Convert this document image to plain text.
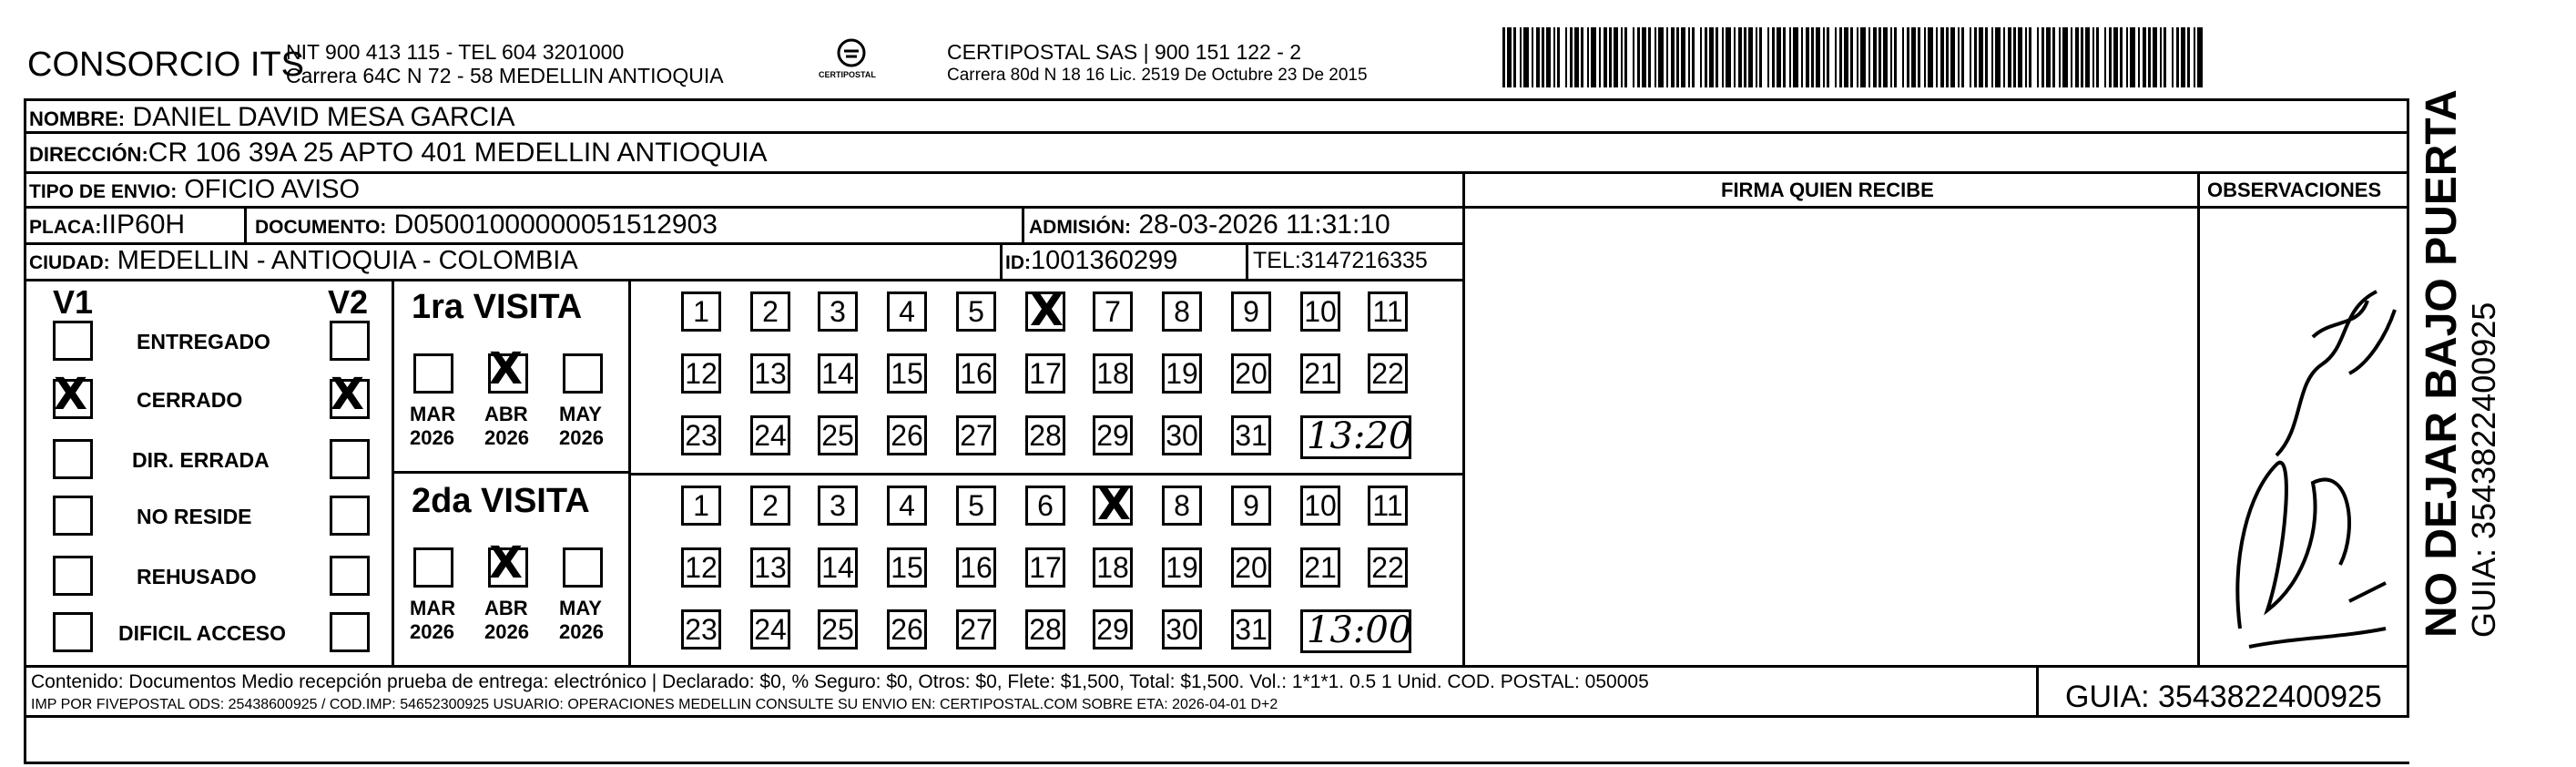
CONSORCIO ITS
NIT 900 413 115 - TEL 604 3201000
Carrera 64C N 72 - 58 MEDELLIN ANTIOQUIA	CERTIPOSTAL
CERTIPOSTAL SAS | 900 151 122 - 2
Carrera 80d N 18 16 Lic. 2519 De Octubre 23 De 2015
NOMBRE: DANIEL DAVID MESA GARCIA
DIRECCIÓN:CR 106 39A 25 APTO 401 MEDELLIN ANTIOQUIA
TIPO DE ENVIO: OFICIO AVISO	FIRMA QUIEN RECIBE	OBSERVACIONES
PLACA:IIP60H	DOCUMENTO: D05001000000051512903	ADMISIÓN: 28-03-2026 11:31:10
CIUDAD: MEDELLIN - ANTIOQUIA - COLOMBIA	ID:1001360299	TEL:3147216335
V1	V2
ENTREGADO
X CERRADO X
DIR. ERRADA
NO RESIDE
REHUSADO
DIFICIL ACCESO
1ra VISITA
MAR
2026
X
ABR
2026
MAY
2026
1	2	3	4	5 X	7	8	9	10 11
12 13 14 15 16 17 18 19 20 21 22
23 24 25 26 27 28 29 30 31 13:20
2da VISITA
MAR
2026
X
ABR
2026
MAY
2026
1	2	3	4	5	6 X	8	9	10 11
12 13 14 15 16 17 18 19 20 21 22
23 24 25 26 27 28 29 30 31 13:00
Contenido: Documentos Medio recepción prueba de entrega: electrónico | Declarado: $0, % Seguro: $0, Otros: $0, Flete: $1,500, Total: $1,500. Vol.: 1*1*1. 0.5 1 Unid. COD. POSTAL: 050005
IMP POR FIVEPOSTAL ODS: 25438600925 / COD.IMP: 54652300925 USUARIO: OPERACIONES MEDELLIN CONSULTE SU ENVIO EN: CERTIPOSTAL.COM SOBRE ETA: 2026-04-01 D+2	GUIA: 3543822400925
NO DEJAR BAJO PUERTA GUIA: 3543822400925
